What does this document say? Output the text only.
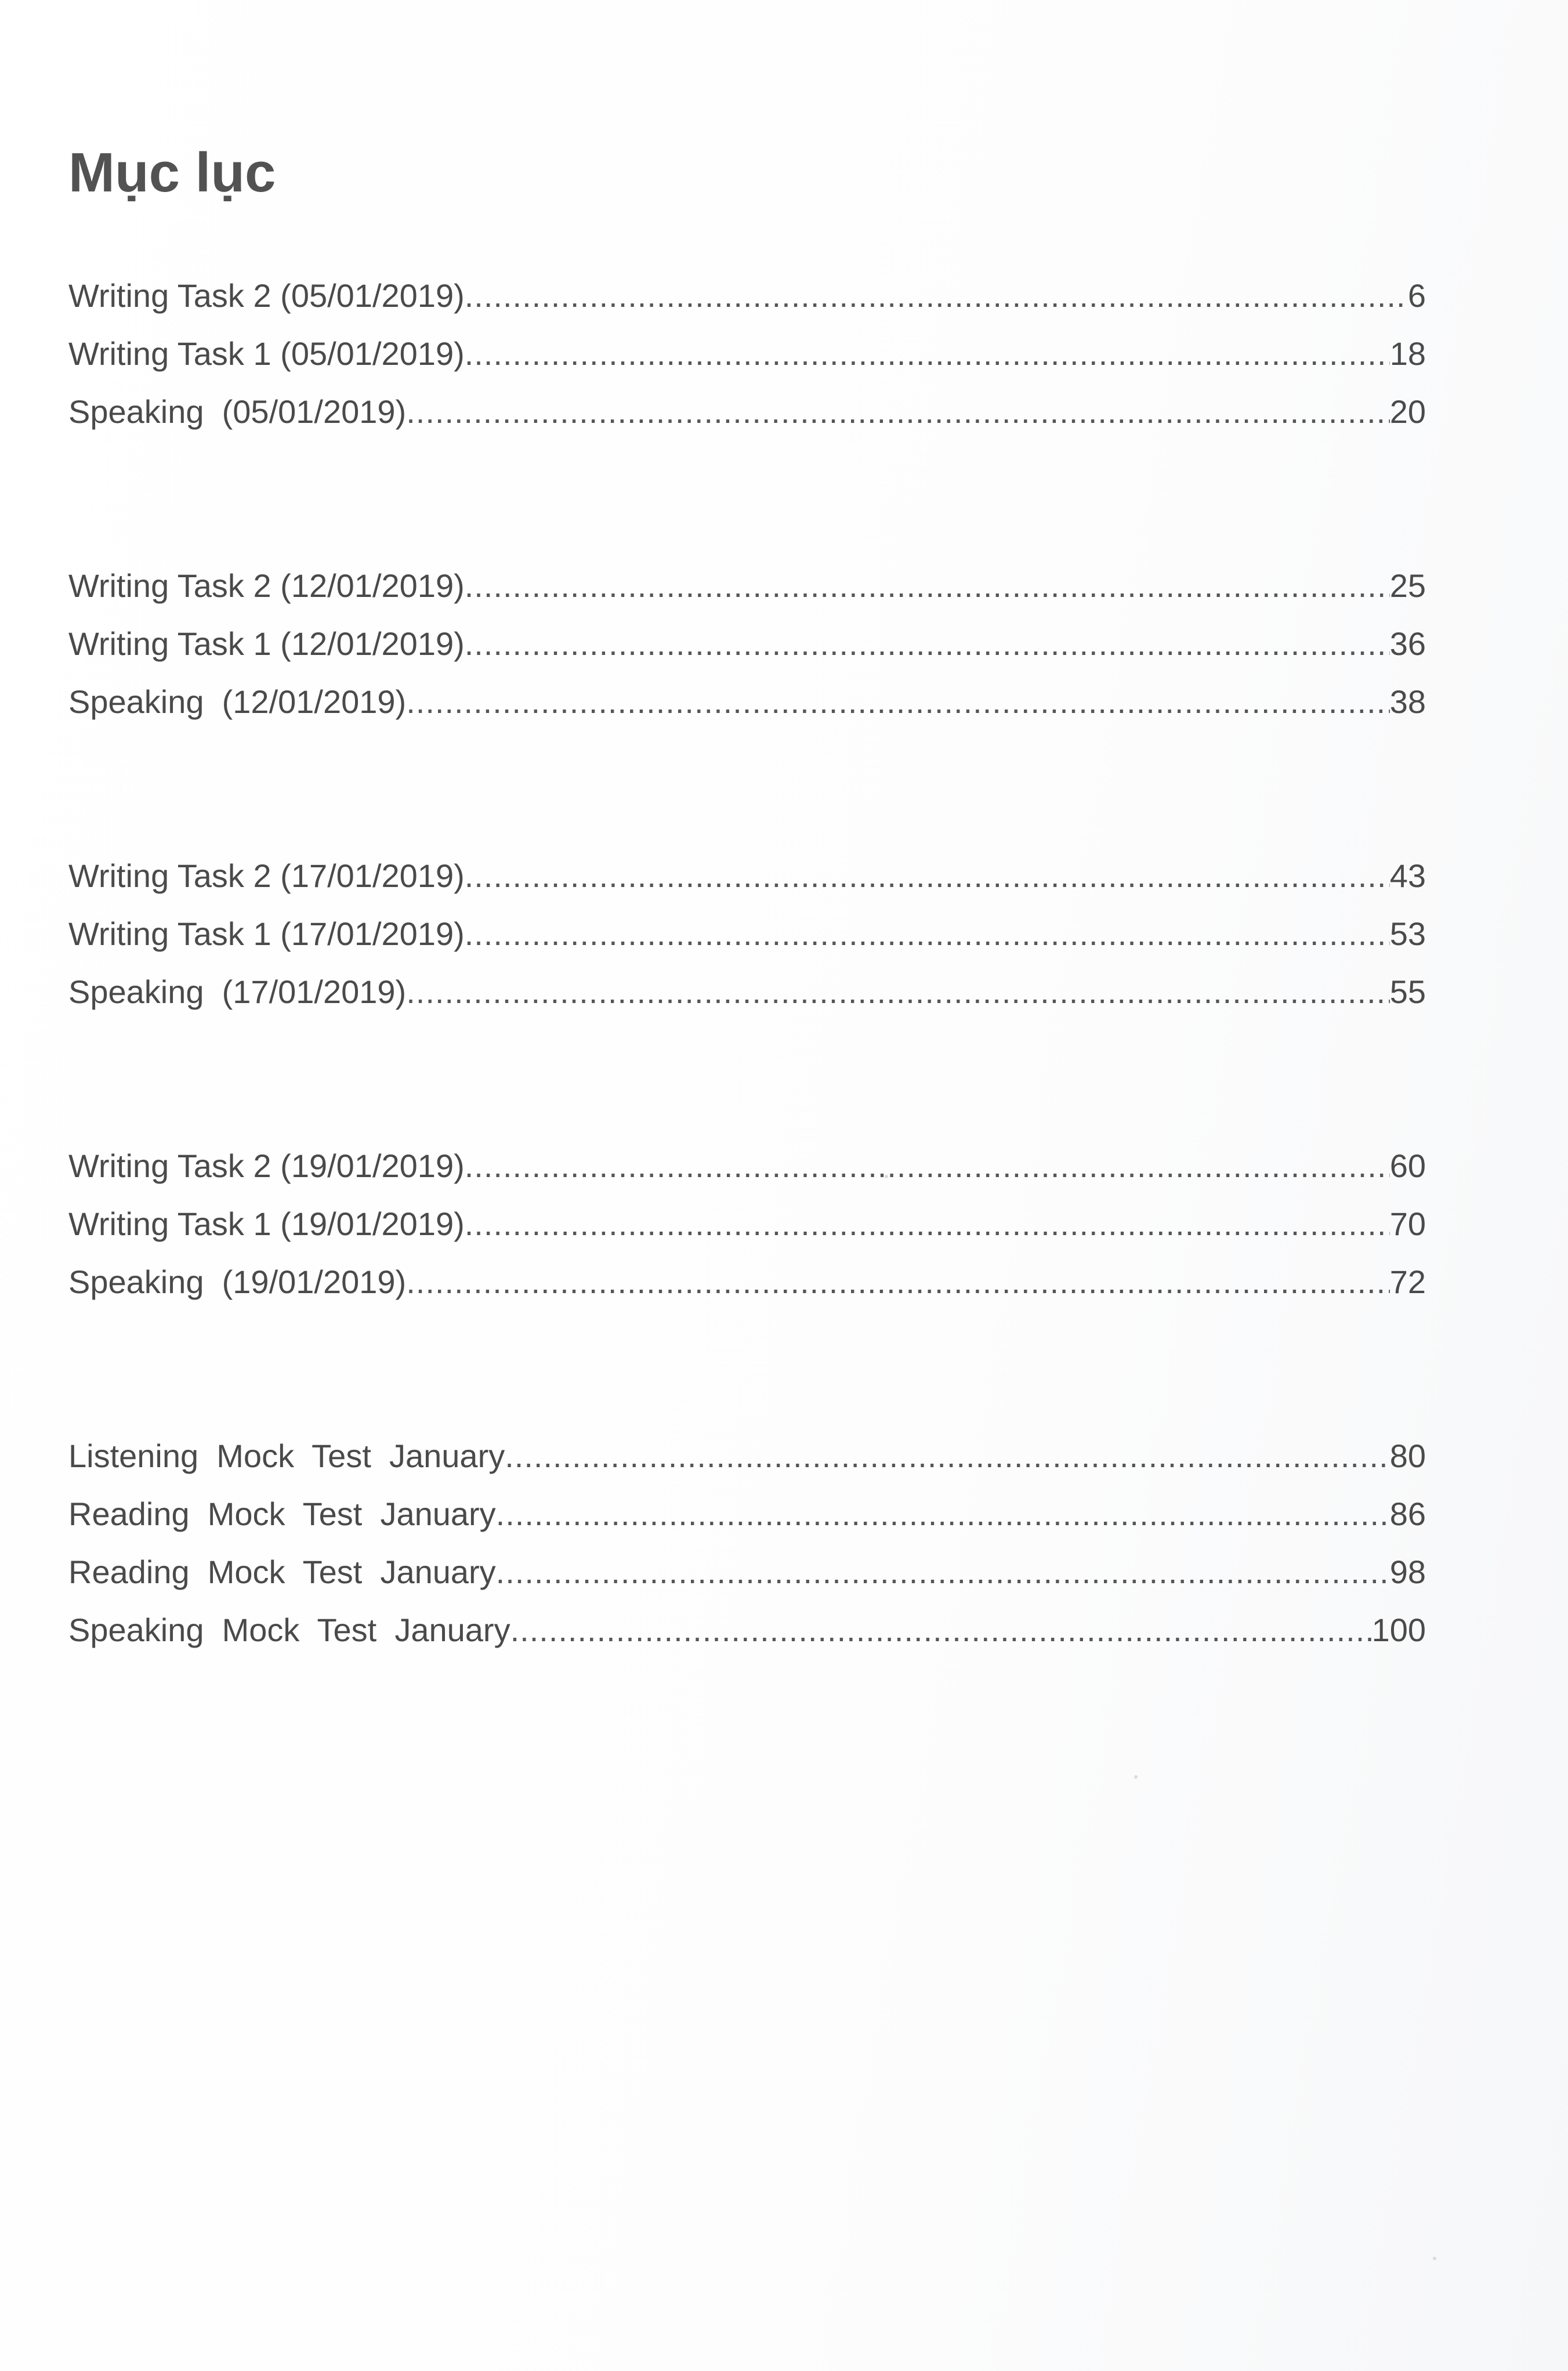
Mục lục
Writing Task 2 (05/01/2019) .....	6
Writing Task 1 (05/01/2019) .....	18
Speaking  (05/01/2019) .....	20
Writing Task 2 (12/01/2019) .....	25
Writing Task 1 (12/01/2019) .....	36
Speaking  (12/01/2019) .....	38
Writing Task 2 (17/01/2019) .....	43
Writing Task 1 (17/01/2019) .....	53
Speaking  (17/01/2019) .....	55
Writing Task 2 (19/01/2019) .....	60
Writing Task 1 (19/01/2019) .....	70
Speaking  (19/01/2019) .....	72
Listening  Mock  Test  January .....	80
Reading  Mock  Test  January .....	86
Reading  Mock  Test  January .....	98
Speaking  Mock  Test  January .....	100
